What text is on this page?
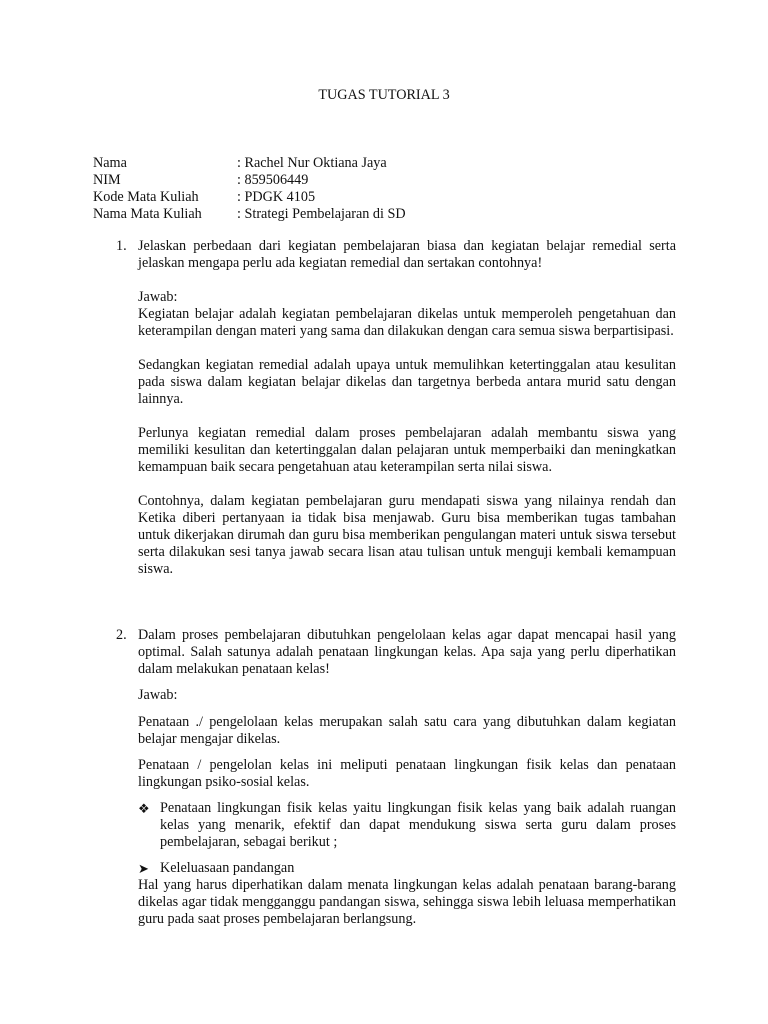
TUGAS TUTORIAL 3
Nama	: Rachel Nur Oktiana Jaya
NIM	: 859506449
Kode Mata Kuliah	: PDGK 4105
Nama Mata Kuliah	: Strategi Pembelajaran di SD
1. Jelaskan perbedaan dari kegiatan pembelajaran biasa dan kegiatan belajar remedial serta jelaskan mengapa perlu ada kegiatan remedial dan sertakan contohnya!

Jawab:

Kegiatan belajar adalah kegiatan pembelajaran dikelas untuk memperoleh pengetahuan dan keterampilan dengan materi yang sama dan dilakukan dengan cara semua siswa berpartisipasi.

Sedangkan kegiatan remedial adalah upaya untuk memulihkan ketertinggalan atau kesulitan pada siswa dalam kegiatan belajar dikelas dan targetnya berbeda antara murid satu dengan lainnya.

Perlunya kegiatan remedial dalam proses pembelajaran adalah membantu siswa yang memiliki kesulitan dan ketertinggalan dalan pelajaran untuk memperbaiki dan meningkatkan kemampuan baik secara pengetahuan atau keterampilan serta nilai siswa.

Contohnya, dalam kegiatan pembelajaran guru mendapati siswa yang nilainya rendah dan Ketika diberi pertanyaan ia tidak bisa menjawab. Guru bisa memberikan tugas tambahan untuk dikerjakan dirumah dan guru bisa memberikan pengulangan materi untuk siswa tersebut serta dilakukan sesi tanya jawab secara lisan atau tulisan untuk menguji kembali kemampuan siswa.

2. Dalam proses pembelajaran dibutuhkan pengelolaan kelas agar dapat mencapai hasil yang optimal. Salah satunya adalah penataan lingkungan kelas. Apa saja yang perlu diperhatikan dalam melakukan penataan kelas!

Jawab:

Penataan ./ pengelolaan kelas merupakan salah satu cara yang dibutuhkan dalam kegiatan belajar mengajar dikelas.

Penataan / pengelolan kelas ini meliputi penataan lingkungan fisik kelas dan penataan lingkungan psiko-sosial kelas.

❖ Penataan lingkungan fisik kelas yaitu lingkungan fisik kelas yang baik adalah ruangan kelas yang menarik, efektif dan dapat mendukung siswa serta guru dalam proses pembelajaran, sebagai berikut ;

➤ Keleluasaan pandangan

Hal yang harus diperhatikan dalam menata lingkungan kelas adalah penataan barang-barang dikelas agar tidak mengganggu pandangan siswa, sehingga siswa lebih leluasa memperhatikan guru pada saat proses pembelajaran berlangsung.
